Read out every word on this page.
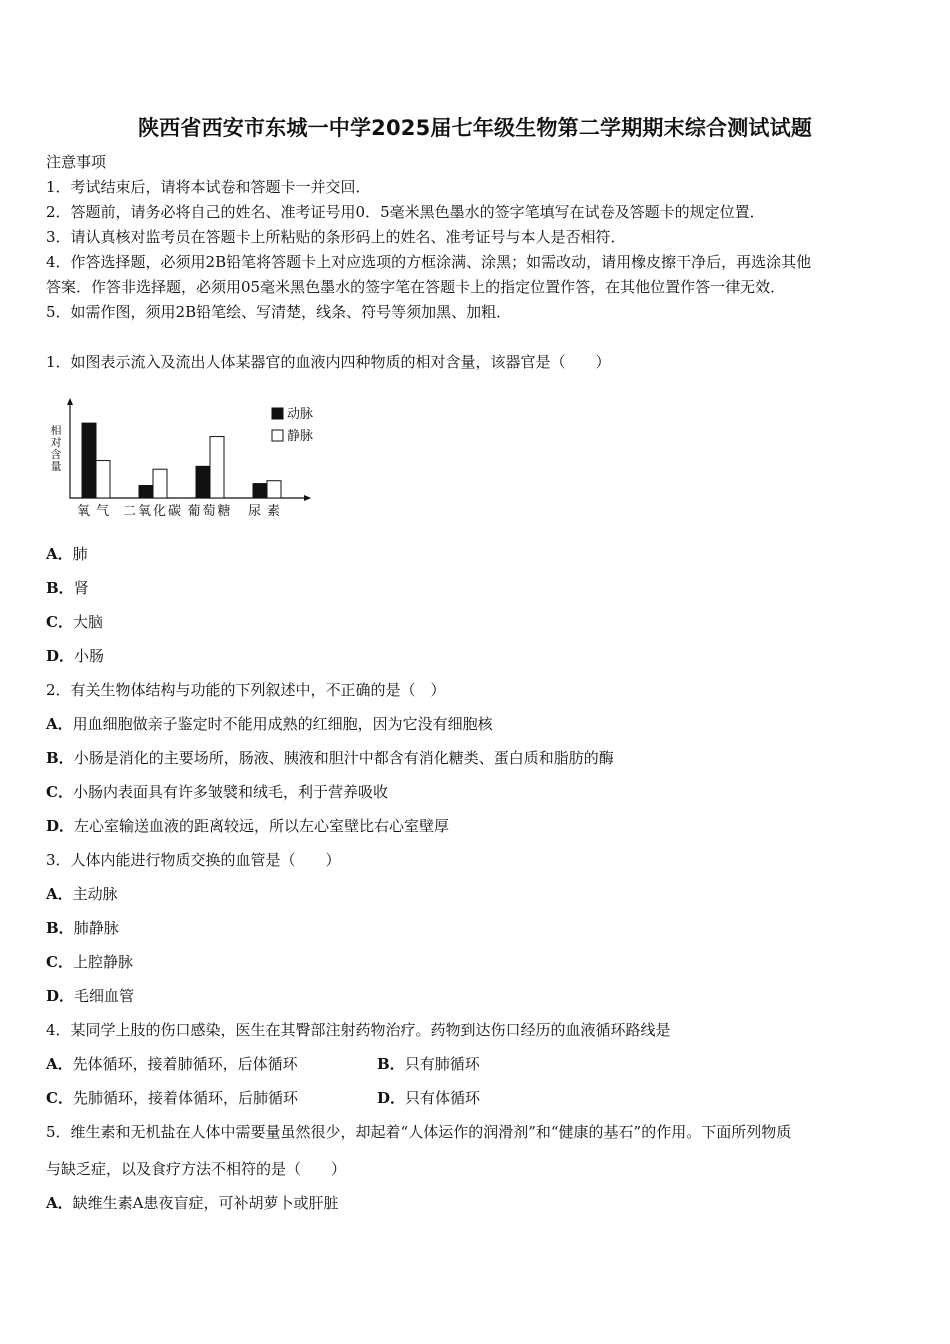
陕西省西安市东城一中学2025届七年级生物第二学期期末综合测试试题
注意事项
1．考试结束后，请将本试卷和答题卡一并交回．
2．答题前，请务必将自己的姓名、准考证号用0．5毫米黑色墨水的签字笔填写在试卷及答题卡的规定位置．
3．请认真核对监考员在答题卡上所粘贴的条形码上的姓名、准考证号与本人是否相符．
4．作答选择题，必须用2B铅笔将答题卡上对应选项的方框涂满、涂黑；如需改动，请用橡皮擦干净后，再选涂其他
答案．作答非选择题，必须用05毫米黑色墨水的签字笔在答题卡上的指定位置作答，在其他位置作答一律无效．
5．如需作图，须用2B铅笔绘、写清楚，线条、符号等须加黑、加粗．
1．如图表示流入及流出人体某器官的血液内四种物质的相对含量，该器官是（　　）
相对含量
氧气 二氧化碳 葡萄糖 尿素
动脉
静脉
A．肺
B．肾
C．大脑
D．小肠
2．有关生物体结构与功能的下列叙述中，不正确的是（　）
A．用血细胞做亲子鉴定时不能用成熟的红细胞，因为它没有细胞核
B．小肠是消化的主要场所，肠液、胰液和胆汁中都含有消化糖类、蛋白质和脂肪的酶
C．小肠内表面具有许多皱襞和绒毛，利于营养吸收
D．左心室输送血液的距离较远，所以左心室壁比右心室壁厚
3．人体内能进行物质交换的血管是（　　）
A．主动脉
B．肺静脉
C．上腔静脉
D．毛细血管
4．某同学上肢的伤口感染，医生在其臀部注射药物治疗。药物到达伤口经历的血液循环路线是
A．先体循环，接着肺循环，后体循环	B．只有肺循环
C．先肺循环，接着体循环，后肺循环	D．只有体循环
5．维生素和无机盐在人体中需要量虽然很少，却起着“人体运作的润滑剂”和“健康的基石”的作用。下面所列物质
与缺乏症，以及食疗方法不相符的是（　　）
A．缺维生素A患夜盲症，可补胡萝卜或肝脏
